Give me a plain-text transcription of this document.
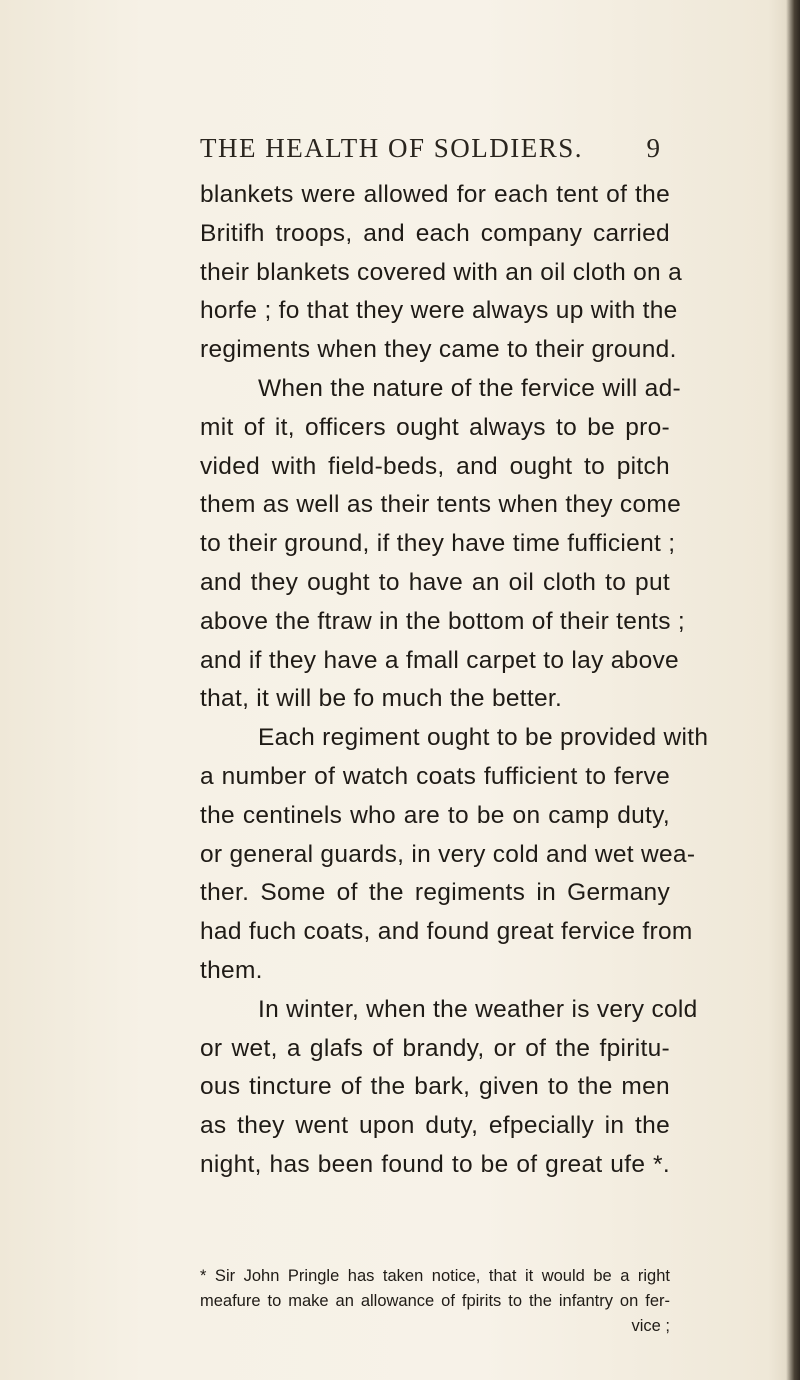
THE HEALTH OF SOLDIERS. 9
blankets were allowed for each tent of the
Britifh troops, and each company carried
their blankets covered with an oil cloth on a
horfe ; fo that they were always up with the
regiments when they came to their ground.
When the nature of the fervice will ad-
mit of it, officers ought always to be pro-
vided with field-beds, and ought to pitch
them as well as their tents when they come
to their ground, if they have time fufficient ;
and they ought to have an oil cloth to put
above the ftraw in the bottom of their tents ;
and if they have a fmall carpet to lay above
that, it will be fo much the better.
Each regiment ought to be provided with
a number of watch coats fufficient to ferve
the centinels who are to be on camp duty,
or general guards, in very cold and wet wea-
ther. Some of the regiments in Germany
had fuch coats, and found great fervice from
them.
In winter, when the weather is very cold
or wet, a glafs of brandy, or of the fpiritu-
ous tincture of the bark, given to the men
as they went upon duty, efpecially in the
night, has been found to be of great ufe *.
* Sir John Pringle has taken notice, that it would be a right
meafure to make an allowance of fpirits to the infantry on fer-
vice ;
